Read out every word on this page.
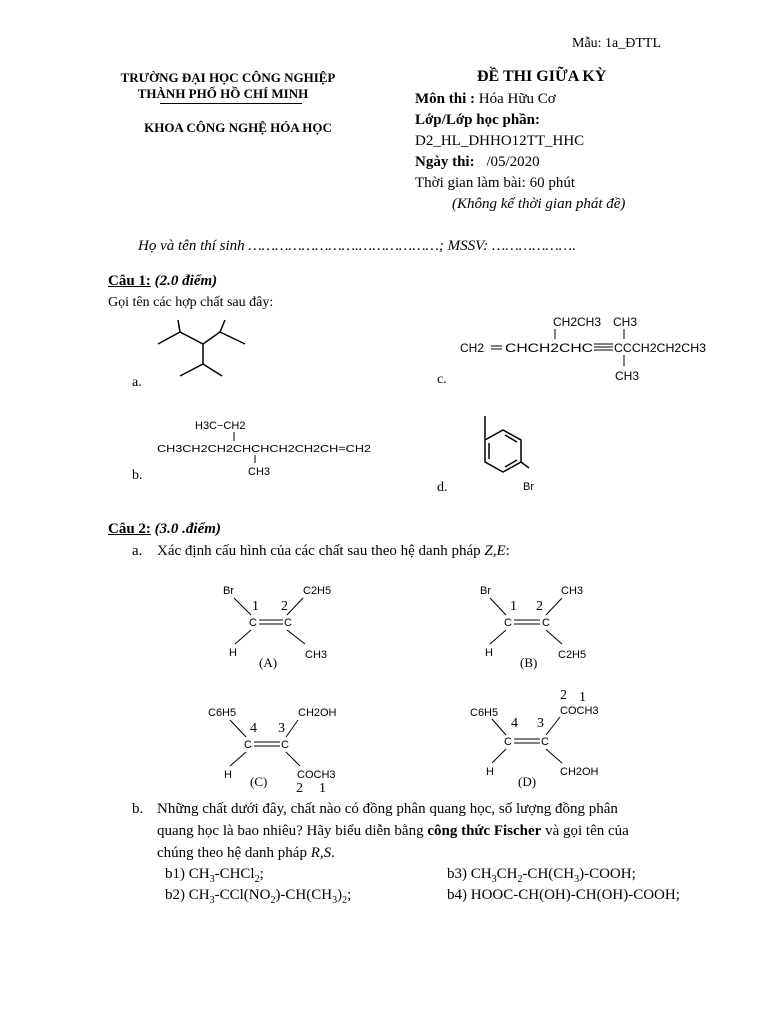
Mẫu: 1a_ĐTTL
TRƯỜNG ĐẠI HỌC CÔNG NGHIỆP
THÀNH PHỐ HỒ CHÍ MINH
KHOA CÔNG NGHỆ HÓA HỌC
ĐỀ THI GIỮA KỲ
Môn thi : Hóa Hữu Cơ
Lớp/Lớp học phần:
D2_HL_DHHO12TT_HHC
Ngày thi: /05/2020
Thời gian làm bài: 60 phút
(Không kể thời gian phát đề)
Họ và tên thí sinh …………………….………………; MSSV: ……………….
Câu 1: (2.0 điểm)
Gọi tên các hợp chất sau đây:
a.
b.
H3C−CH2
CH3CH2CH2CHCHCH2CH2CH=CH2
CH3
c.
CH2CH3 CH3
CH2 CHCH2CHC CCCH2CH2CH3
CH3
d.	Br
Câu 2: (3.0 .điểm)
a. Xác định cấu hình của các chất sau theo hệ danh pháp Z,E:
Br	C2H5
1 2
C C
H	CH3
(A)
Br	CH3
1 2
C	C
H	C2H5
(B)
C6H5	CH2OH
4 3
C	C
H	COCH3
(C) 2 1
2 1
C6H5	COCH3
4 3
C	C
H	CH2OH
(D)
b. Những chất dưới đây, chất nào có đồng phân quang học, số lượng đồng phân
quang học là bao nhiêu? Hãy biểu diễn bằng công thức Fischer và gọi tên của
chúng theo hệ danh pháp R,S.
b1) $CH_3-CHCl_2$;	b3) $CH_3CH_2-CH(CH_3)$-COOH;
b2) $CH_3-CCl(NO_2)-CH(CH_3)_2$;	b4) HOOC-CH(OH)-CH(OH)-COOH;
